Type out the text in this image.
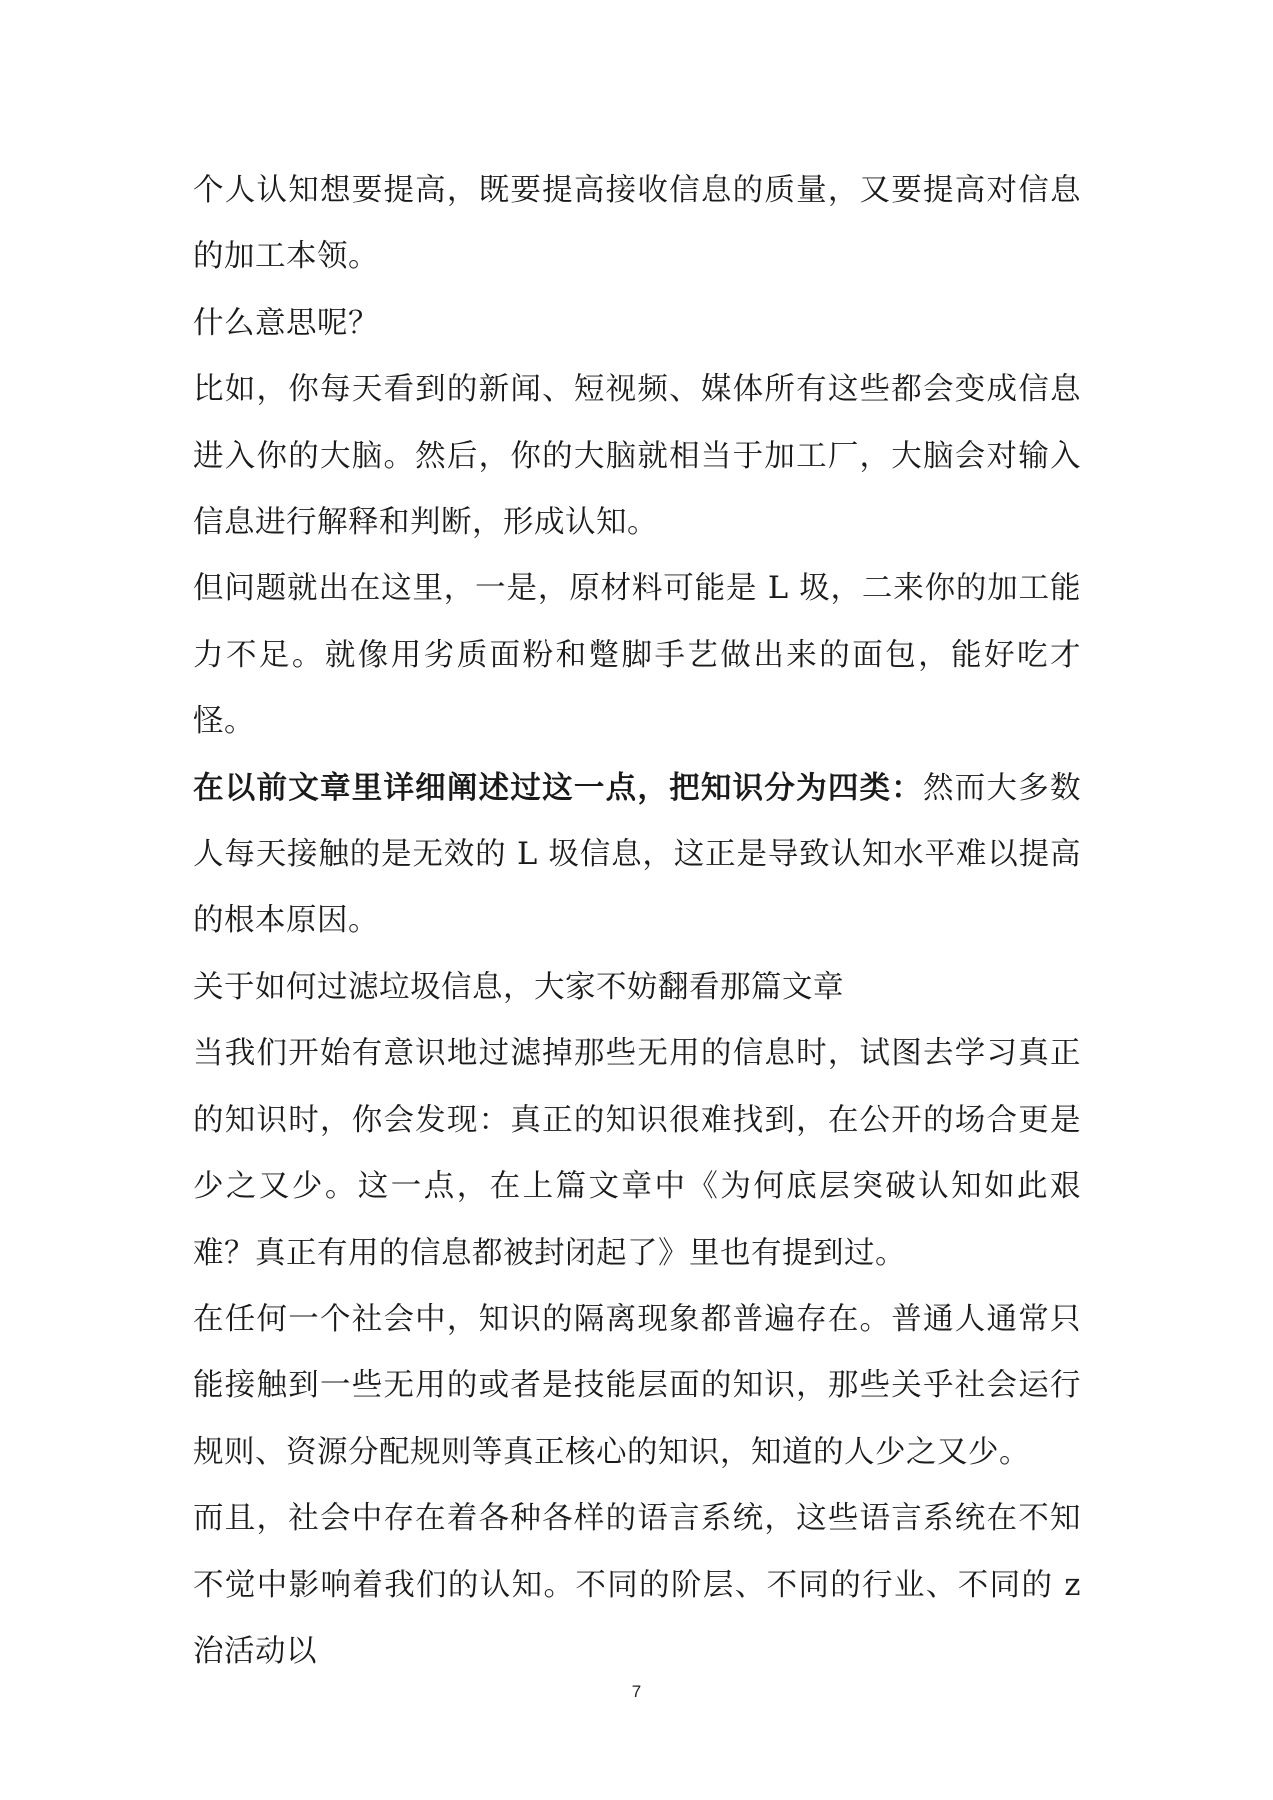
个人认知想要提高，既要提高接收信息的质量，又要提高对信息的加工本领。

什么意思呢？

比如，你每天看到的新闻、短视频、媒体所有这些都会变成信息进入你的大脑。然后，你的大脑就相当于加工厂，大脑会对输入信息进行解释和判断，形成认知。

但问题就出在这里，一是，原材料可能是 L 圾，二来你的加工能力不足。就像用劣质面粉和蹩脚手艺做出来的面包，能好吃才怪。

在以前文章里详细阐述过这一点，把知识分为四类：然而大多数人每天接触的是无效的 L 圾信息，这正是导致认知水平难以提高的根本原因。

关于如何过滤垃圾信息，大家不妨翻看那篇文章

当我们开始有意识地过滤掉那些无用的信息时，试图去学习真正的知识时，你会发现：真正的知识很难找到，在公开的场合更是少之又少。这一点，在上篇文章中《为何底层突破认知如此艰难？真正有用的信息都被封闭起了》里也有提到过。

在任何一个社会中，知识的隔离现象都普遍存在。普通人通常只能接触到一些无用的或者是技能层面的知识，那些关乎社会运行规则、资源分配规则等真正核心的知识，知道的人少之又少。

而且，社会中存在着各种各样的语言系统，这些语言系统在不知不觉中影响着我们的认知。不同的阶层、不同的行业、不同的 z 治活动以

7
